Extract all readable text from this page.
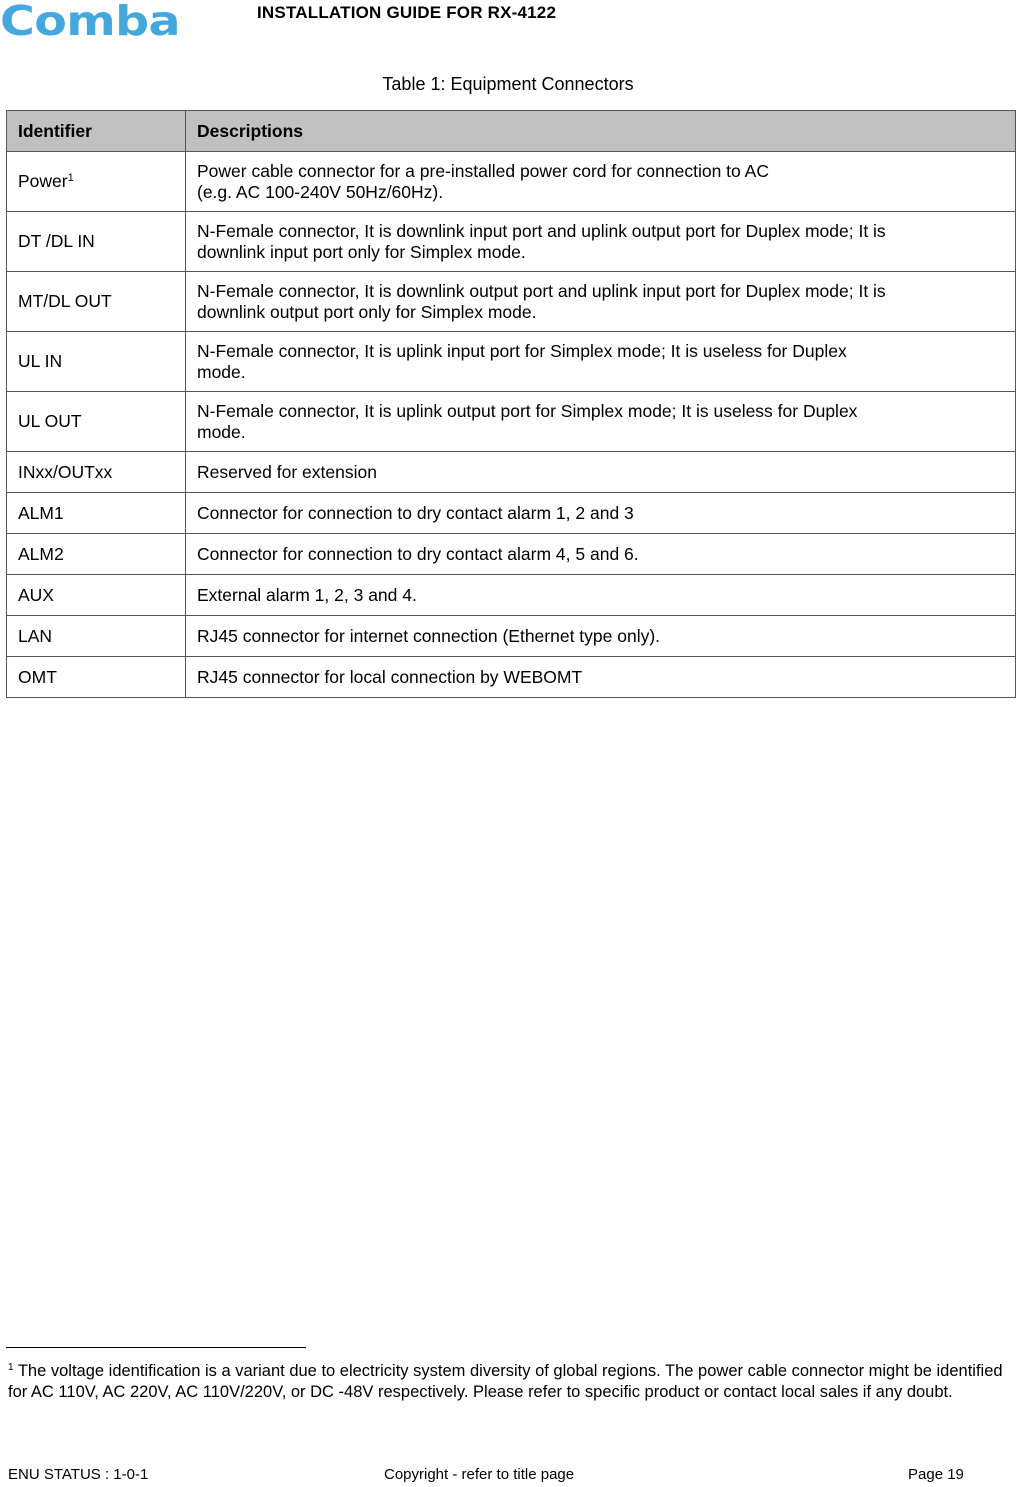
Comba	INSTALLATION GUIDE FOR RX-4122
Table 1: Equipment Connectors
Identifier	Descriptions
Power$^1$	Power cable connector for a pre-installed power cord for connection to AC
(e.g. AC 100-240V 50Hz/60Hz).

DT /DL IN	N-Female connector, It is downlink input port and uplink output port for Duplex mode; It is
downlink input port only for Simplex mode.

MT/DL OUT	N-Female connector, It is downlink output port and uplink input port for Duplex mode; It is
downlink output port only for Simplex mode.

UL IN	N-Female connector, It is uplink input port for Simplex mode; It is useless for Duplex
mode.

UL OUT	N-Female connector, It is uplink output port for Simplex mode; It is useless for Duplex
mode.

INxx/OUTxx	Reserved for extension

ALM1	Connector for connection to dry contact alarm 1, 2 and 3

ALM2	Connector for connection to dry contact alarm 4, 5 and 6.

AUX	External alarm 1, 2, 3 and 4.

LAN	RJ45 connector for internet connection (Ethernet type only).

OMT	RJ45 connector for local connection by WEBOMT
$^1$ The voltage identification is a variant due to electricity system diversity of global regions. The power cable connector might be identified for AC 110V, AC 220V, AC 110V/220V, or DC -48V respectively. Please refer to specific product or contact local sales if any doubt.
ENU STATUS : 1-0-1	Copyright - refer to title page	Page 19
